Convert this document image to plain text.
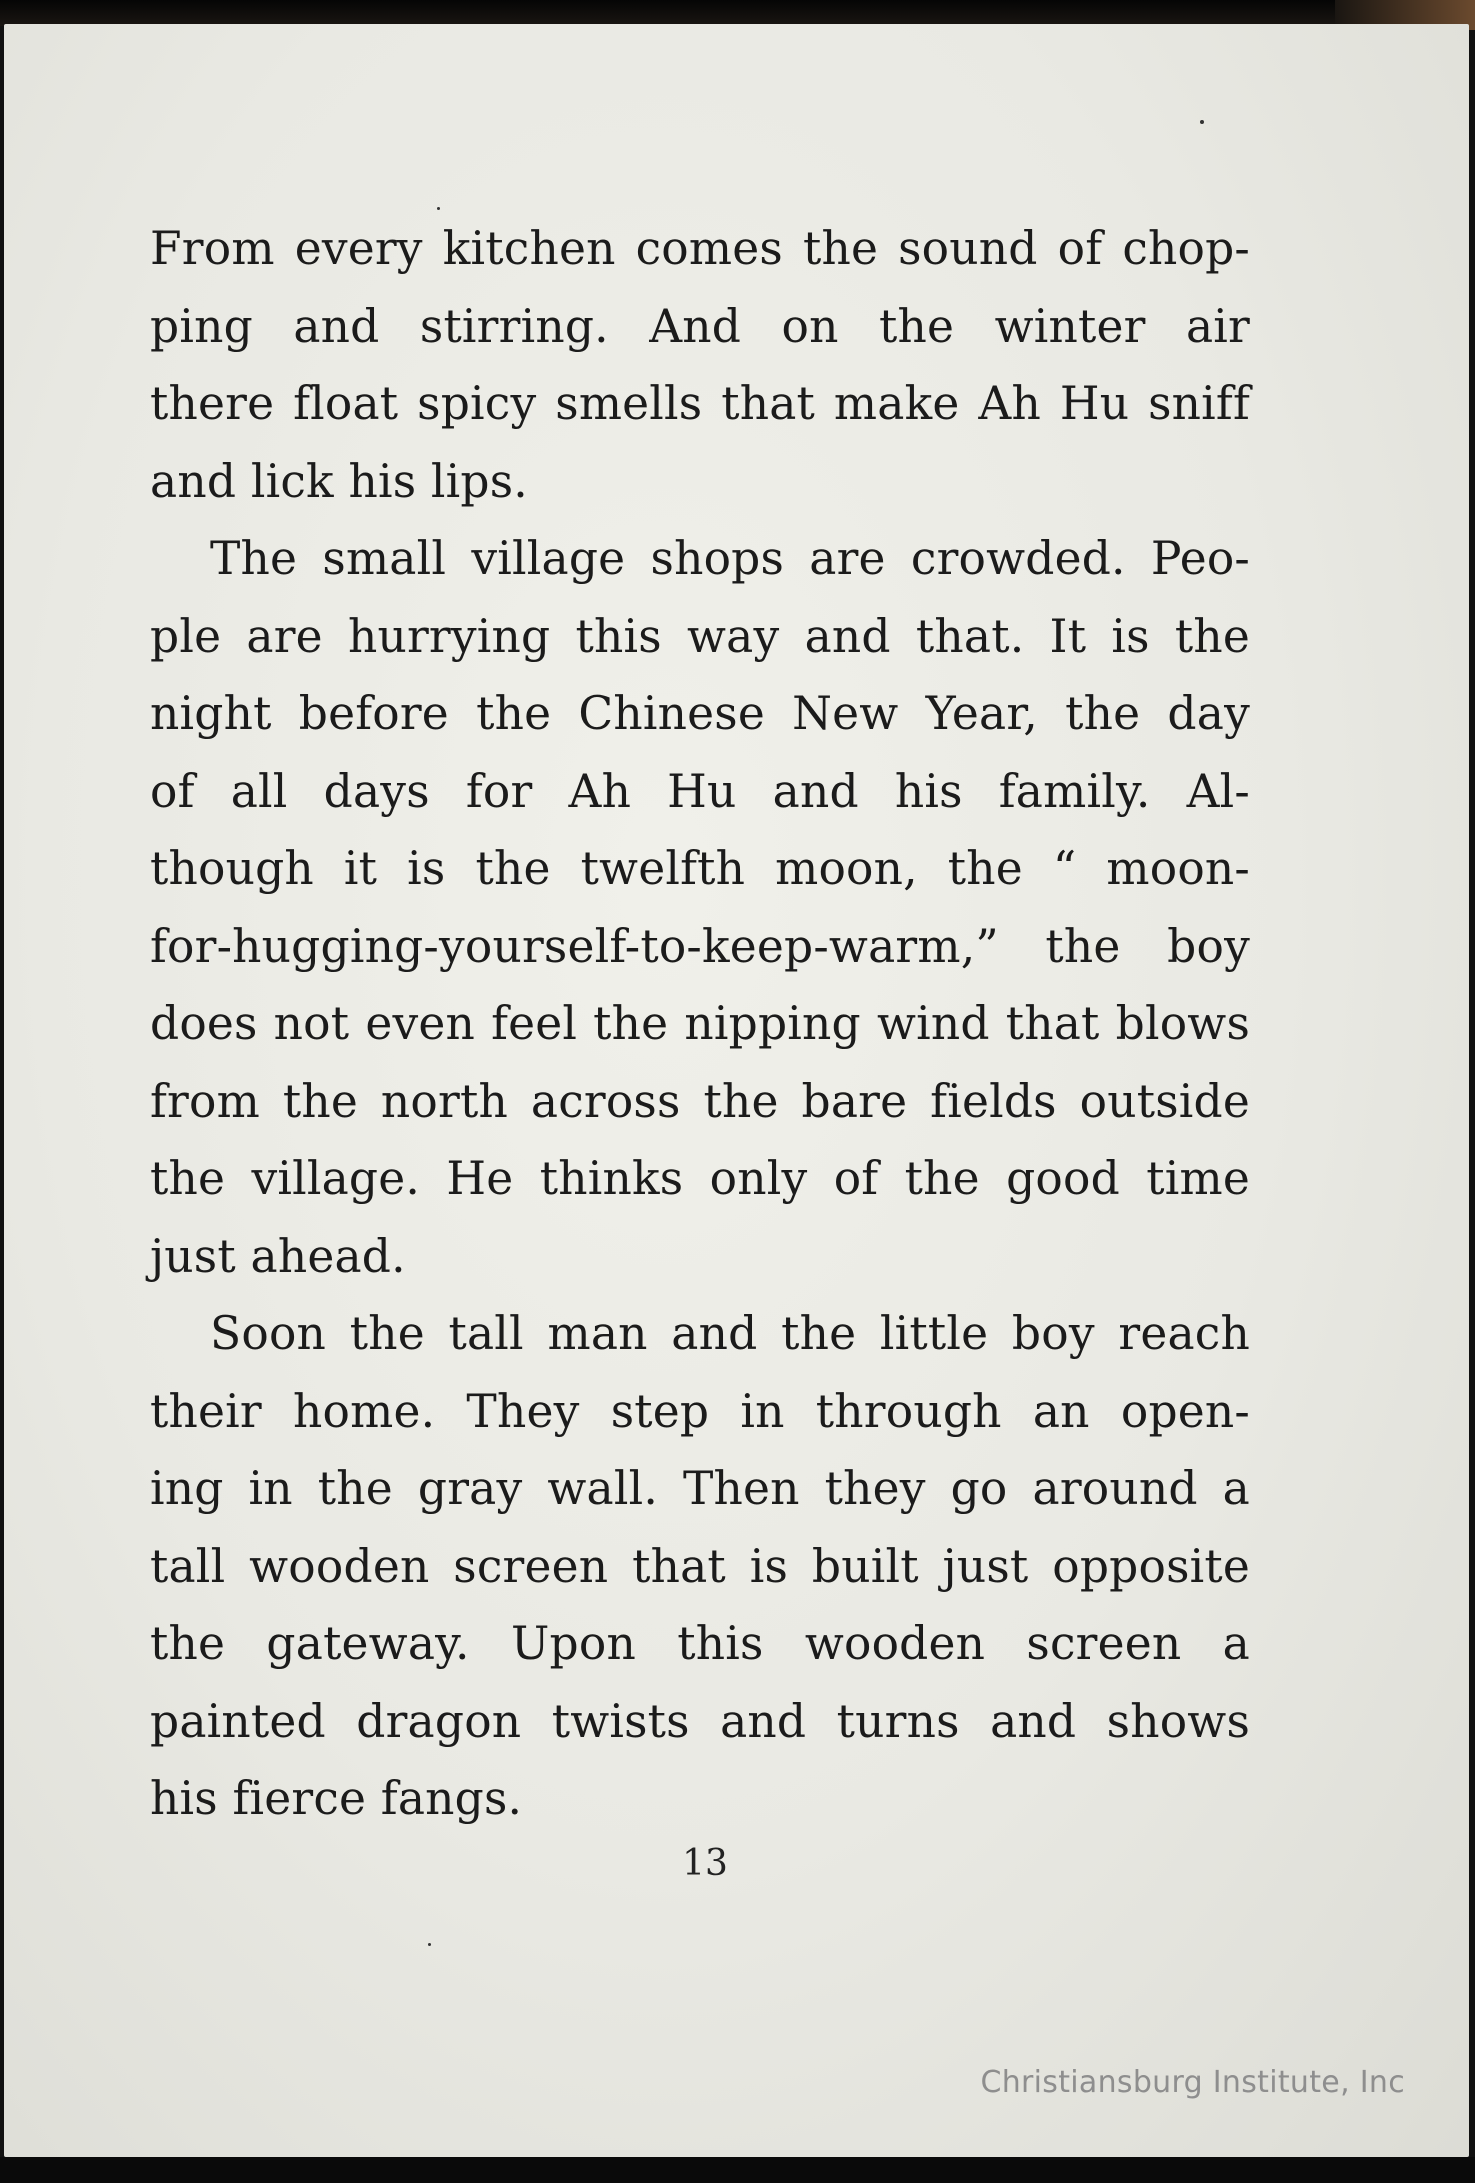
From every kitchen comes the sound of chop-
ping and stirring. And on the winter air
there float spicy smells that make Ah Hu sniff
and lick his lips.
The small village shops are crowded. Peo-
ple are hurrying this way and that. It is the
night before the Chinese New Year, the day
of all days for Ah Hu and his family. Al-
though it is the twelfth moon, the “ moon-
for-hugging-yourself-to-keep-warm,” the boy
does not even feel the nipping wind that blows
from the north across the bare fields outside
the village. He thinks only of the good time
just ahead.
Soon the tall man and the little boy reach
their home. They step in through an open-
ing in the gray wall. Then they go around a
tall wooden screen that is built just opposite
the gateway. Upon this wooden screen a
painted dragon twists and turns and shows
his fierce fangs.
13
Christiansburg Institute, Inc
